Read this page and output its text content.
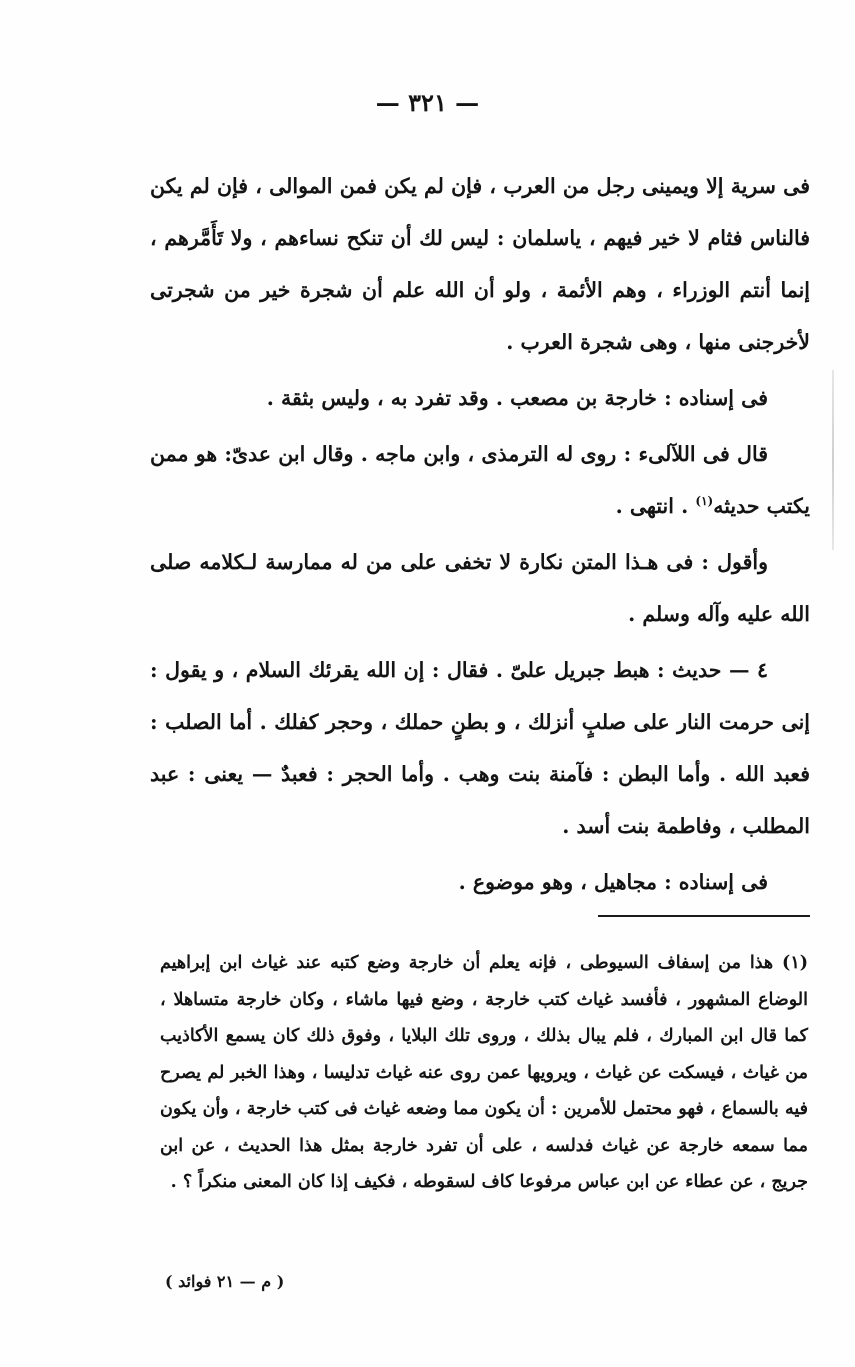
— ٣٢١ —

فى سرية إلا ويمينى رجل من العرب ، فإن لم يكن فمن الموالى ، فإن لم يكن فالناس فثام لا خير فيهم ، ياسلمان : ليس لك أن تنكح نساءهم ، ولا تَأَمَّرهم ، إنما أنتم الوزراء ، وهم الأئمة ، ولو أن الله علم أن شجرة خير من شجرتى لأخرجنى منها ، وهى شجرة العرب .

فى إسناده : خارجة بن مصعب . وقد تفرد به ، وليس بثقة .

قال فى اللآلىء : روى له الترمذى ، وابن ماجه . وقال ابن عدىّ: هو ممن يكتب حديثه$^{(١)}$ . انتهى .

وأقول : فى هـذا المتن نكارة لا تخفى على من له ممارسة لـكلامه صلى الله عليه وآله وسلم .

٤ — حديث : هبط جبريل علىّ . فقال : إن الله يقرئك السلام ، و يقول : إنى حرمت النار على صلبٍ أنزلك ، و بطنٍ حملك ، وحجر كفلك . أما الصلب : فعبد الله . وأما البطن : فآمنة بنت وهب . وأما الحجر : فعبدٌ — يعنى : عبد المطلب ، وفاطمة بنت أسد .

فى إسناده : مجاهيل ، وهو موضوع .

(١) هذا من إسفاف السيوطى ، فإنه يعلم أن خارجة وضع كتبه عند غياث ابن إبراهيم الوضاع المشهور ، فأفسد غياث كتب خارجة ، وضع فيها ماشاء ، وكان خارجة متساهلا ، كما قال ابن المبارك ، فلم يبال بذلك ، وروى تلك البلايا ، وفوق ذلك كان يسمع الأكاذيب من غياث ، فيسكت عن غياث ، ويرويها عمن روى عنه غياث تدليسا ، وهذا الخبر لم يصرح فيه بالسماع ، فهو محتمل للأمرين : أن يكون مما وضعه غياث فى كتب خارجة ، وأن يكون مما سمعه خارجة عن غياث فدلسه ، على أن تفرد خارجة بمثل هذا الحديث ، عن ابن جريج ، عن عطاء عن ابن عباس مرفوعا كاف لسقوطه ، فكيف إذا كان المعنى منكراً ؟ .

( م — ٢١ فوائد )
